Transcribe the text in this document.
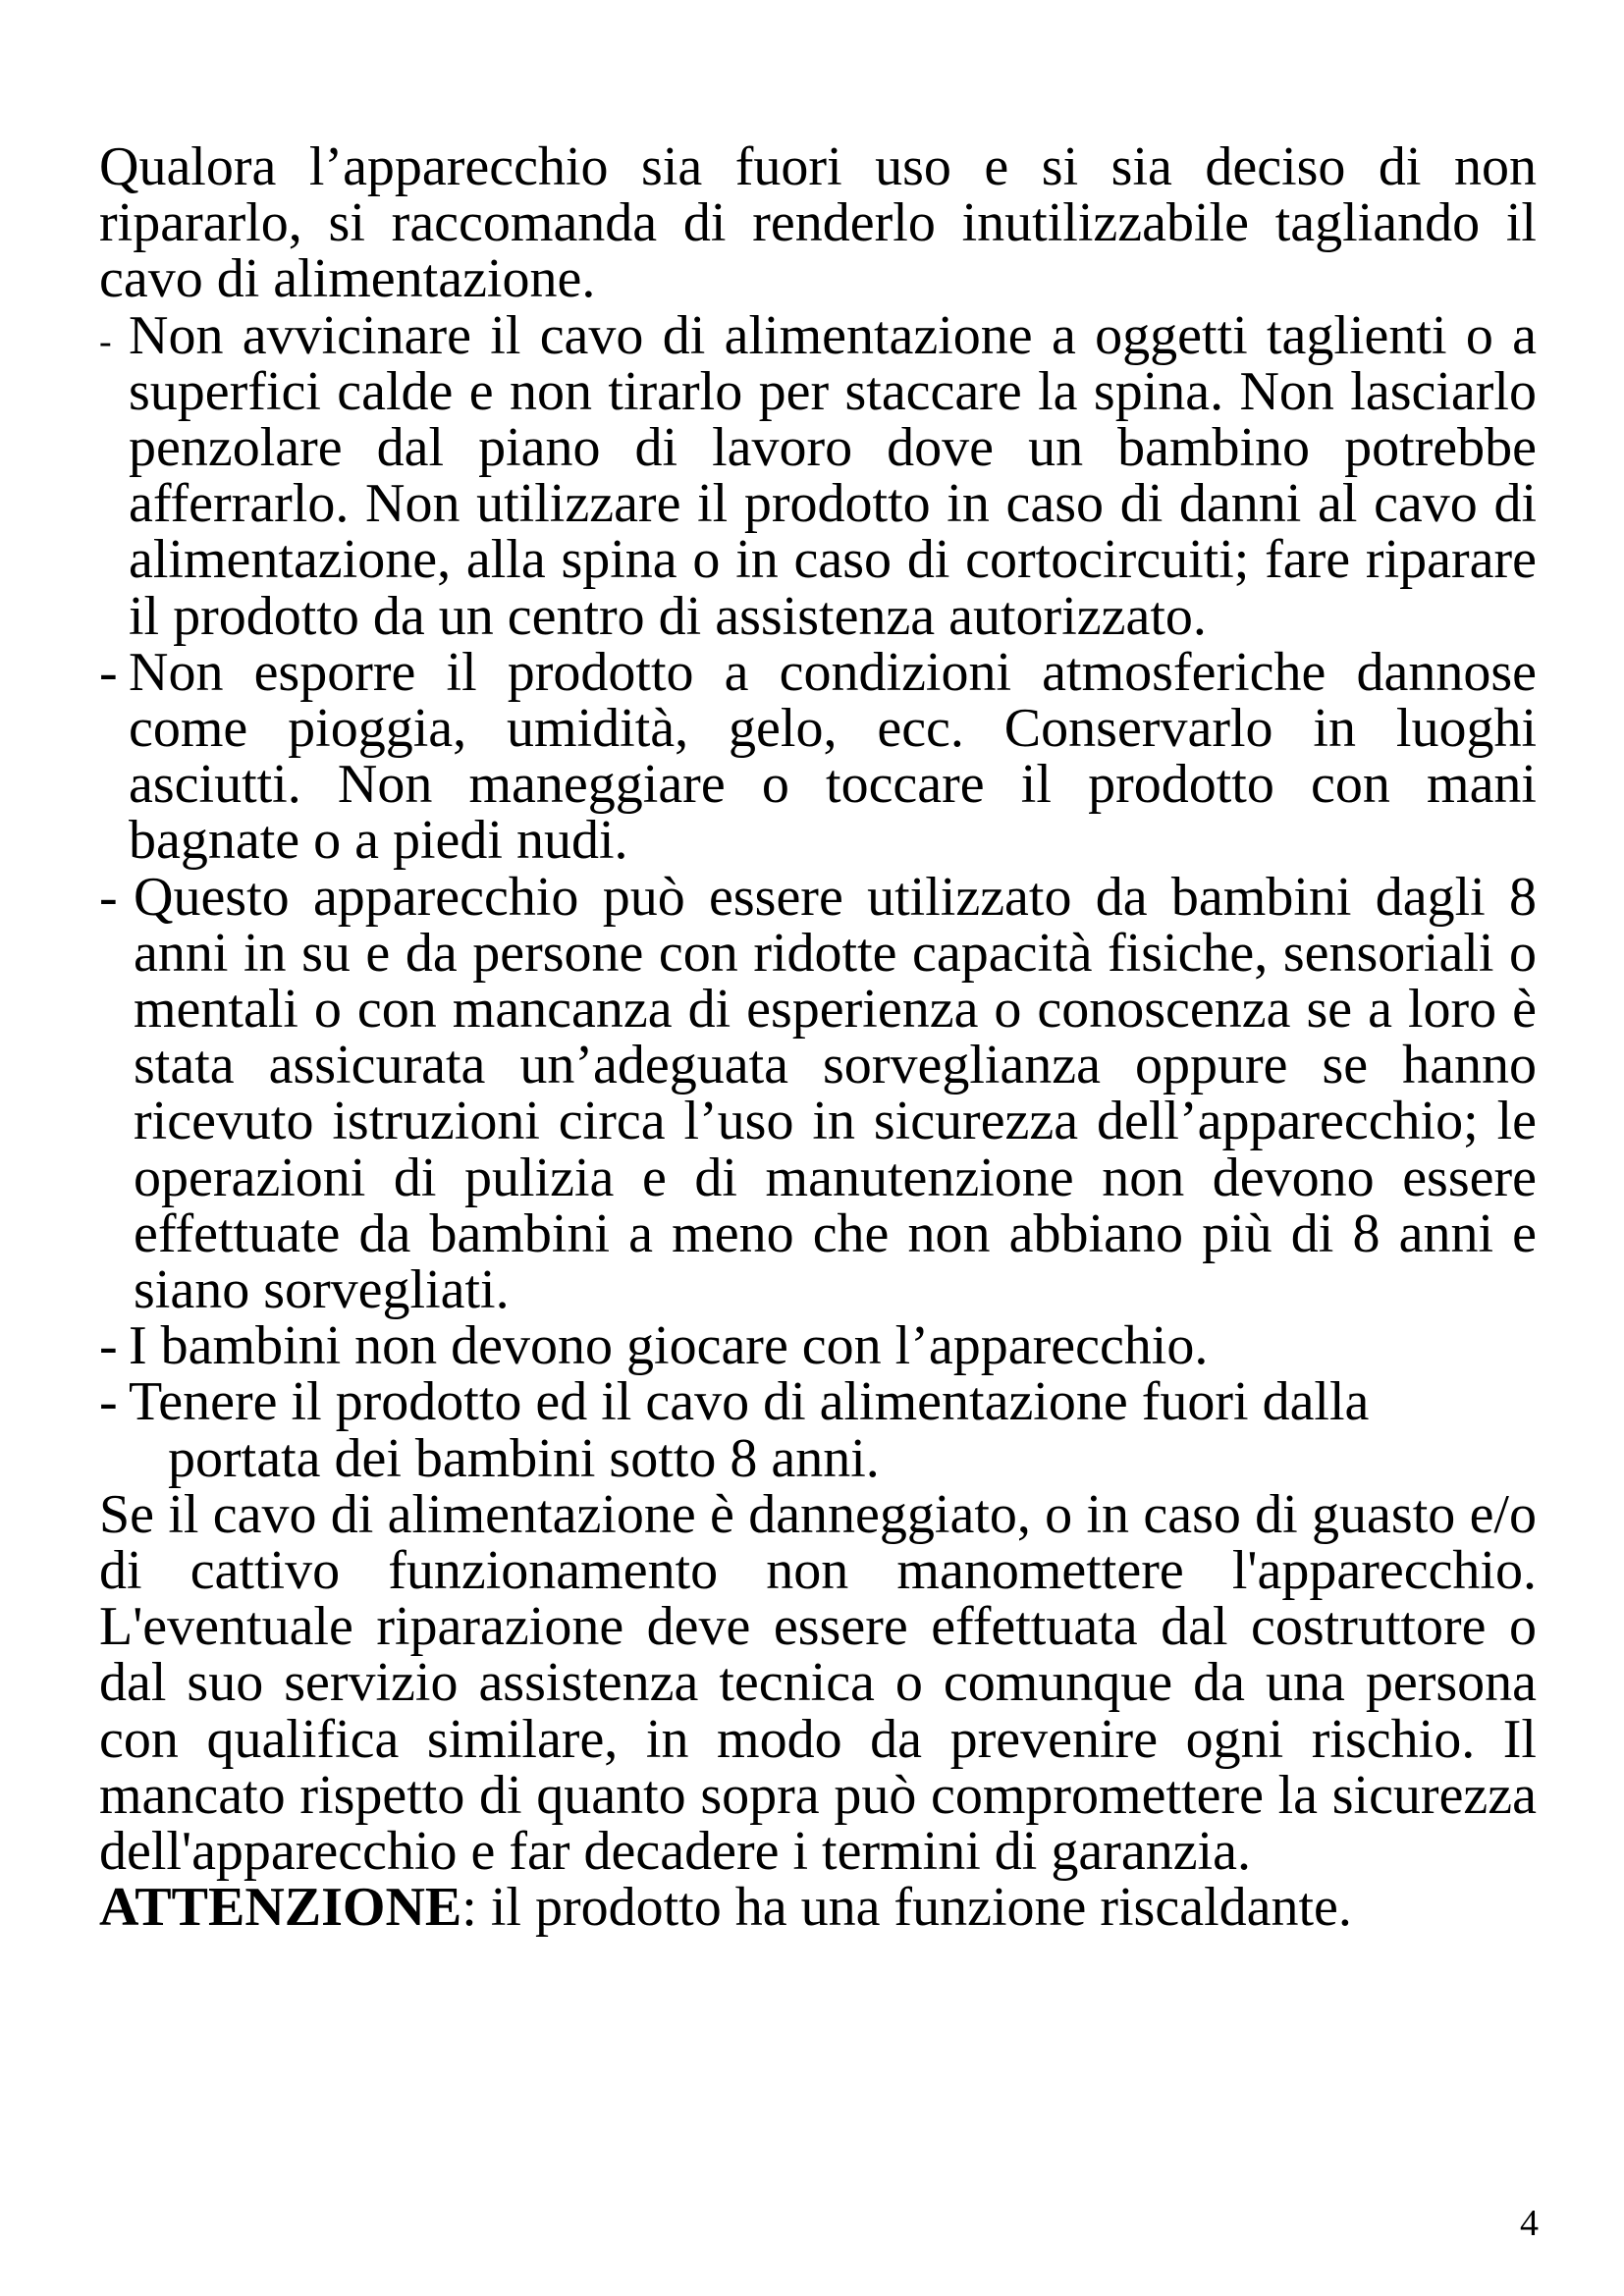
Qualora l’apparecchio sia fuori uso e si sia deciso di non ripararlo, si raccomanda di renderlo inutilizzabile tagliando il cavo di alimentazione.

- Non avvicinare il cavo di alimentazione a oggetti taglienti o a superfici calde e non tirarlo per staccare la spina. Non lasciarlo penzolare dal piano di lavoro dove un bambino potrebbe afferrarlo. Non utilizzare il prodotto in caso di danni al cavo di alimentazione, alla spina o in caso di cortocircuiti; fare riparare il prodotto da un centro di assistenza autorizzato.

- Non esporre il prodotto a condizioni atmosferiche dannose come pioggia, umidità, gelo, ecc. Conservarlo in luoghi asciutti. Non maneggiare o toccare il prodotto con mani bagnate o a piedi nudi.

- Questo apparecchio può essere utilizzato da bambini dagli 8 anni in su e da persone con ridotte capacità fisiche, sensoriali o mentali o con mancanza di esperienza o conoscenza se a loro è stata assicurata un’adeguata sorveglianza oppure se hanno ricevuto istruzioni circa l’uso in sicurezza dell’apparecchio; le operazioni di pulizia e di manutenzione non devono essere effettuate da bambini a meno che non abbiano più di 8 anni e siano sorvegliati.

- I bambini non devono giocare con l’apparecchio.

- Tenere il prodotto ed il cavo di alimentazione fuori dalla
portata dei bambini sotto 8 anni.

Se il cavo di alimentazione è danneggiato, o in caso di guasto e/o di cattivo funzionamento non manomettere l'apparecchio. L'eventuale riparazione deve essere effettuata dal costruttore o dal suo servizio assistenza tecnica o comunque da una persona con qualifica similare, in modo da prevenire ogni rischio. Il mancato rispetto di quanto sopra può compromettere la sicurezza dell'apparecchio e far decadere i termini di garanzia.

ATTENZIONE: il prodotto ha una funzione riscaldante.

4
